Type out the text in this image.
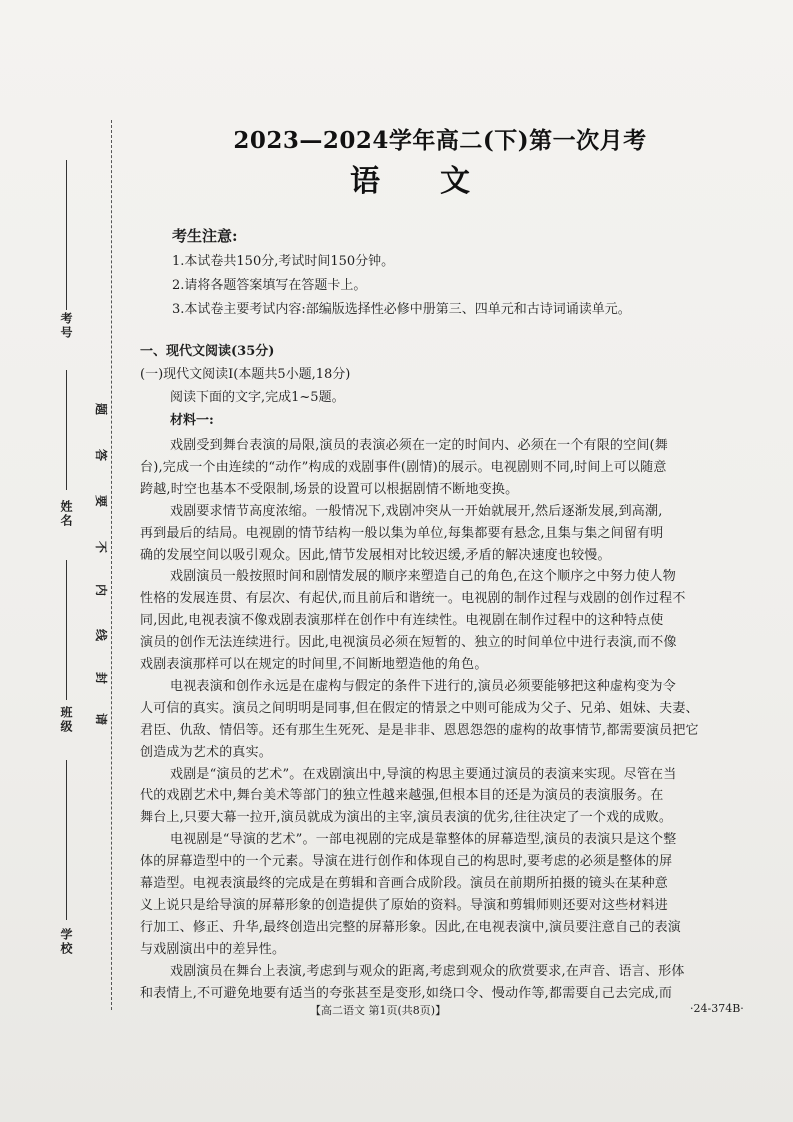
考号
姓名
班级
学校
请
封
线
内
不
要
答
题
2023—2024学年高二(下)第一次月考
语文
考生注意:
1.本试卷共150分,考试时间150分钟。
2.请将各题答案填写在答题卡上。
3.本试卷主要考试内容:部编版选择性必修中册第三、四单元和古诗词诵读单元。
一、现代文阅读(35分)
(一)现代文阅读Ⅰ(本题共5小题,18分)
阅读下面的文字,完成1~5题。
材料一:
戏剧受到舞台表演的局限,演员的表演必须在一定的时间内、必须在一个有限的空间(舞
台),完成一个由连续的“动作”构成的戏剧事件(剧情)的展示。电视剧则不同,时间上可以随意
跨越,时空也基本不受限制,场景的设置可以根据剧情不断地变换。
戏剧要求情节高度浓缩。一般情况下,戏剧冲突从一开始就展开,然后逐渐发展,到高潮,
再到最后的结局。电视剧的情节结构一般以集为单位,每集都要有悬念,且集与集之间留有明
确的发展空间以吸引观众。因此,情节发展相对比较迟缓,矛盾的解决速度也较慢。
戏剧演员一般按照时间和剧情发展的顺序来塑造自己的角色,在这个顺序之中努力使人物
性格的发展连贯、有层次、有起伏,而且前后和谐统一。电视剧的制作过程与戏剧的创作过程不
同,因此,电视表演不像戏剧表演那样在创作中有连续性。电视剧在制作过程中的这种特点使
演员的创作无法连续进行。因此,电视演员必须在短暂的、独立的时间单位中进行表演,而不像
戏剧表演那样可以在规定的时间里,不间断地塑造他的角色。
电视表演和创作永远是在虚构与假定的条件下进行的,演员必须要能够把这种虚构变为令
人可信的真实。演员之间明明是同事,但在假定的情景之中则可能成为父子、兄弟、姐妹、夫妻、
君臣、仇敌、情侣等。还有那生生死死、是是非非、恩恩怨怨的虚构的故事情节,都需要演员把它
创造成为艺术的真实。
戏剧是“演员的艺术”。在戏剧演出中,导演的构思主要通过演员的表演来实现。尽管在当
代的戏剧艺术中,舞台美术等部门的独立性越来越强,但根本目的还是为演员的表演服务。在
舞台上,只要大幕一拉开,演员就成为演出的主宰,演员表演的优劣,往往决定了一个戏的成败。
电视剧是“导演的艺术”。一部电视剧的完成是靠整体的屏幕造型,演员的表演只是这个整
体的屏幕造型中的一个元素。导演在进行创作和体现自己的构思时,要考虑的必须是整体的屏
幕造型。电视表演最终的完成是在剪辑和音画合成阶段。演员在前期所拍摄的镜头在某种意
义上说只是给导演的屏幕形象的创造提供了原始的资料。导演和剪辑师则还要对这些材料进
行加工、修正、升华,最终创造出完整的屏幕形象。因此,在电视表演中,演员要注意自己的表演
与戏剧演出中的差异性。
戏剧演员在舞台上表演,考虑到与观众的距离,考虑到观众的欣赏要求,在声音、语言、形体
和表情上,不可避免地要有适当的夸张甚至是变形,如绕口令、慢动作等,都需要自己去完成,而
【高二语文 第1页(共8页)】	·24-374B·
